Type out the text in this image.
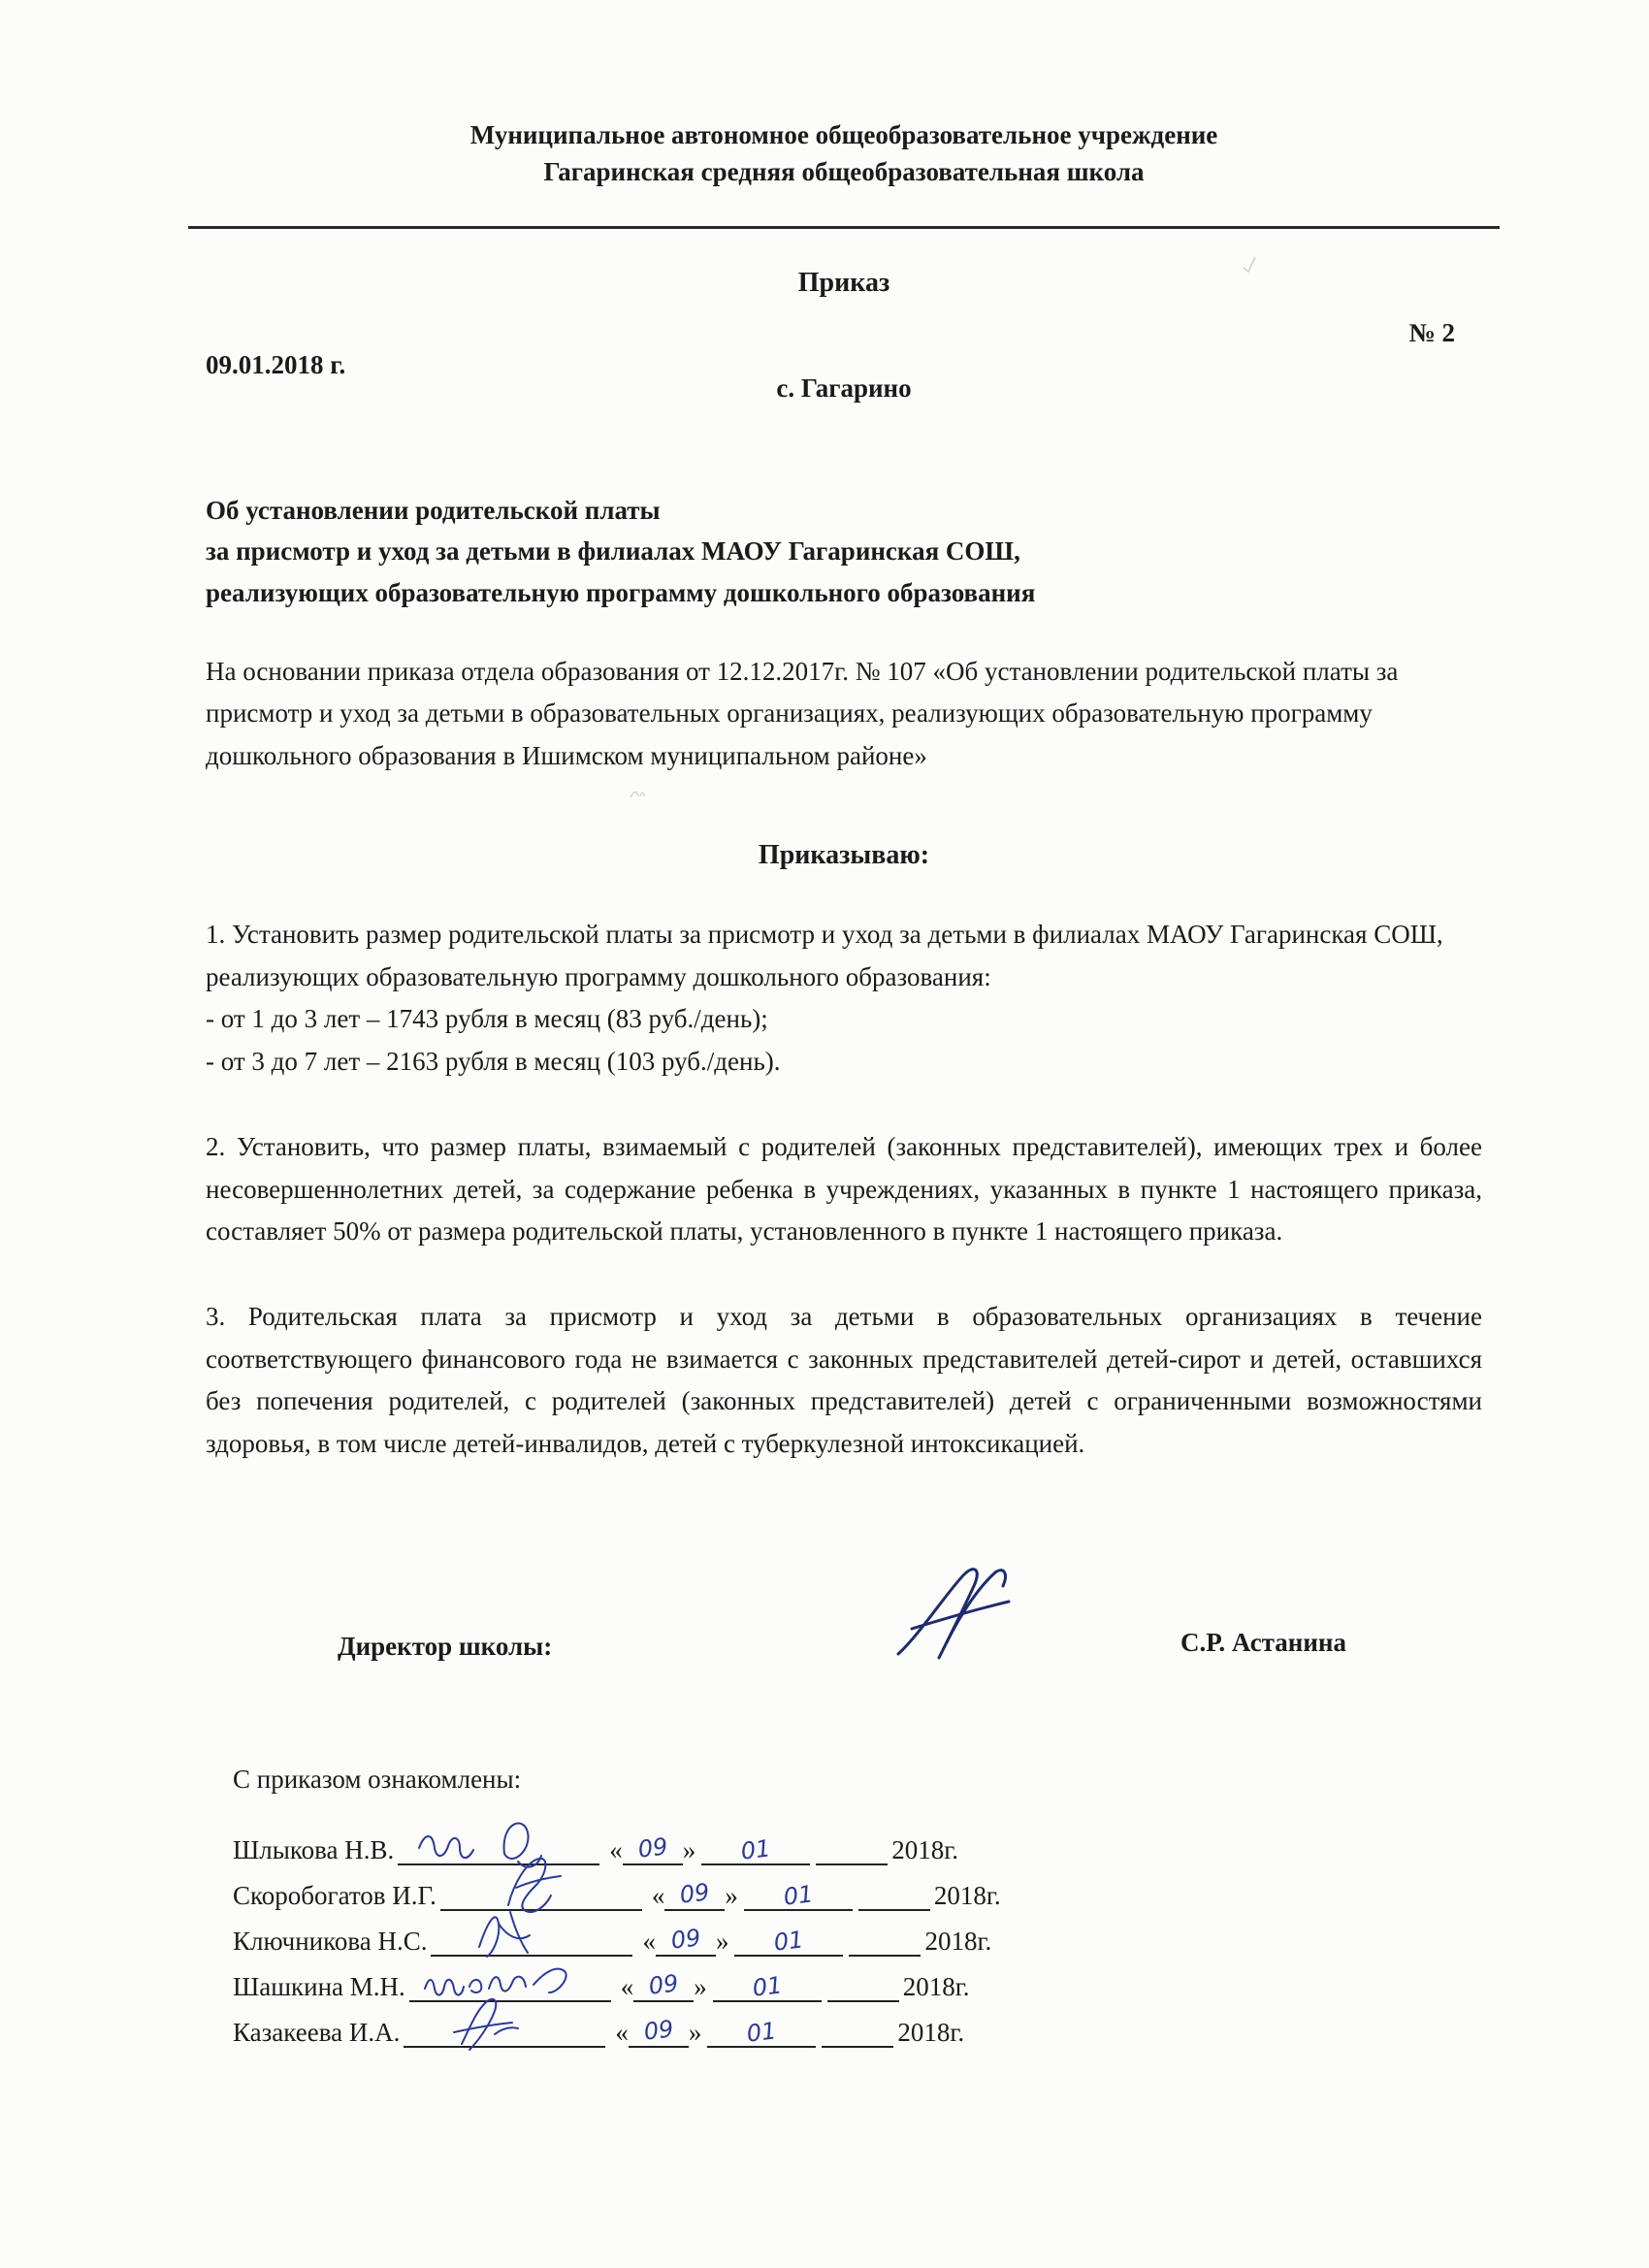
Муниципальное автономное общеобразовательное учреждение
Гагаринская средняя общеобразовательная школа
Приказ
№ 2
09.01.2018 г.
с. Гагарино
Об установлении родительской платы
за присмотр и уход за детьми в филиалах МАОУ Гагаринская СОШ,
реализующих образовательную программу дошкольного образования

На основании приказа отдела образования от 12.12.2017г. № 107 «Об установлении родительской платы за присмотр и уход за детьми в образовательных организациях, реализующих образовательную программу дошкольного образования в Ишимском муниципальном районе»

Приказываю:
1. Установить размер родительской платы за присмотр и уход за детьми в филиалах МАОУ Гагаринская СОШ, реализующих образовательную программу дошкольного образования:
- от 1 до 3 лет – 1743 рубля в месяц (83 руб./день);
- от 3 до 7 лет – 2163 рубля в месяц (103 руб./день).

2. Установить, что размер платы, взимаемый с родителей (законных представителей), имеющих трех и более несовершеннолетних детей, за содержание ребенка в учреждениях, указанных в пункте 1 настоящего приказа, составляет 50% от размера родительской платы, установленного в пункте 1 настоящего приказа.

3. Родительская плата за присмотр и уход за детьми в образовательных организациях в течение соответствующего финансового года не взимается с законных представителей детей-сирот и детей, оставшихся без попечения родителей, с родителей (законных представителей) детей с ограниченными возможностями здоровья, в том числе детей-инвалидов, детей с туберкулезной интоксикацией.

Директор школы:	С.Р. Астанина
С приказом ознакомлены:
Шлыкова Н.В.	« 09 » 01	2018г.
Скоробогатов И.Г.	« 09 » 01	2018г.
Ключникова Н.С.	« 09 » 01	2018г.
Шашкина М.Н.	« 09 » 01	2018г.
Казакеева И.А.	« 09 » 01	2018г.
